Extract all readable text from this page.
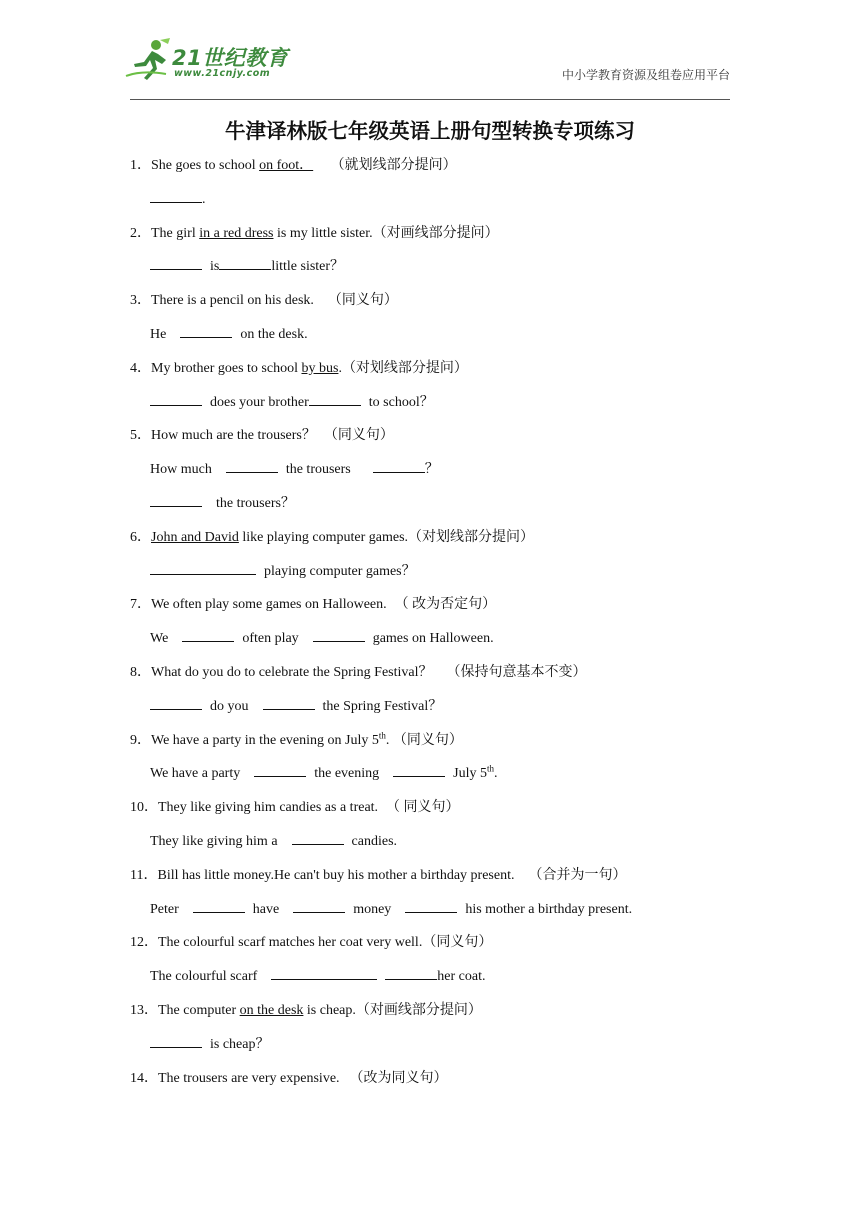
21世纪教育
www.21cnjy.com	中小学教育资源及组卷应用平台
牛津译林版七年级英语上册句型转换专项练习
1．She goes to school on foot． （就划线部分提问）
.
2．The girl in a red dress is my little sister.（对画线部分提问）
is	little sister？
3．There is a pencil on his desk. （同义句）
He	on the desk.
4．My brother goes to school by bus.（对划线部分提问）
does your brother	to school？
5．How much are the trousers？ （同义句）
How much	the trousers	？
the trousers？
6．John and David like playing computer games.（对划线部分提问）
playing computer games？
7．We often play some games on Halloween. （ 改为否定句）
We	often play	games on Halloween.
8．What do you do to celebrate the Spring Festival？ （保持句意基本不变）
do you	the Spring Festival？
9．We have a party in the evening on July 5th. （同义句）
We have a party	the evening	July 5th.
10．They like giving him candies as a treat. （ 同义句）
They like giving him a	candies.
11．Bill has little money.He can't buy his mother a birthday present. （合并为一句）
Peter	have	money	his mother a birthday present.
12．The colourful scarf matches her coat very well.（同义句）
The colourful scarf	her coat.
13．The computer on the desk is cheap.（对画线部分提问）
is cheap？
14．The trousers are very expensive. （改为同义句）
